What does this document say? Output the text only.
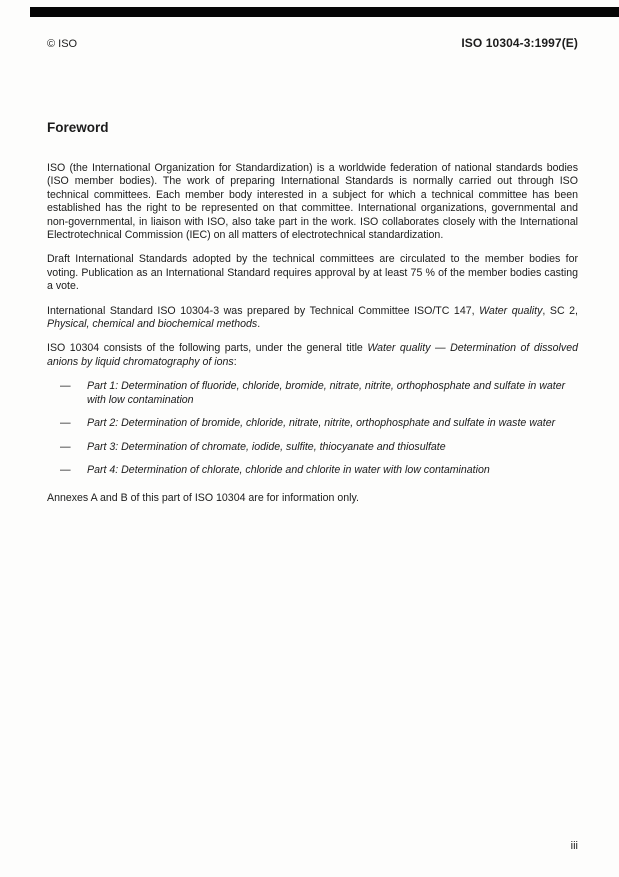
© ISO	ISO 10304-3:1997(E)
Foreword

ISO (the International Organization for Standardization) is a worldwide federation of national standards bodies (ISO member bodies). The work of preparing International Standards is normally carried out through ISO technical committees. Each member body interested in a subject for which a technical committee has been established has the right to be represented on that committee. International organizations, governmental and non-governmental, in liaison with ISO, also take part in the work. ISO collaborates closely with the International Electrotechnical Commission (IEC) on all matters of electrotechnical standardization.

Draft International Standards adopted by the technical committees are circulated to the member bodies for voting. Publication as an International Standard requires approval by at least 75 % of the member bodies casting a vote.

International Standard ISO 10304-3 was prepared by Technical Committee ISO/TC 147, Water quality, SC 2, Physical, chemical and biochemical methods.

ISO 10304 consists of the following parts, under the general title Water quality — Determination of dissolved anions by liquid chromatography of ions:

—	Part 1: Determination of fluoride, chloride, bromide, nitrate, nitrite, orthophosphate and sulfate in water with low contamination
—	Part 2: Determination of bromide, chloride, nitrate, nitrite, orthophosphate and sulfate in waste water
—	Part 3: Determination of chromate, iodide, sulfite, thiocyanate and thiosulfate
—	Part 4: Determination of chlorate, chloride and chlorite in water with low contamination

Annexes A and B of this part of ISO 10304 are for information only.

iii
